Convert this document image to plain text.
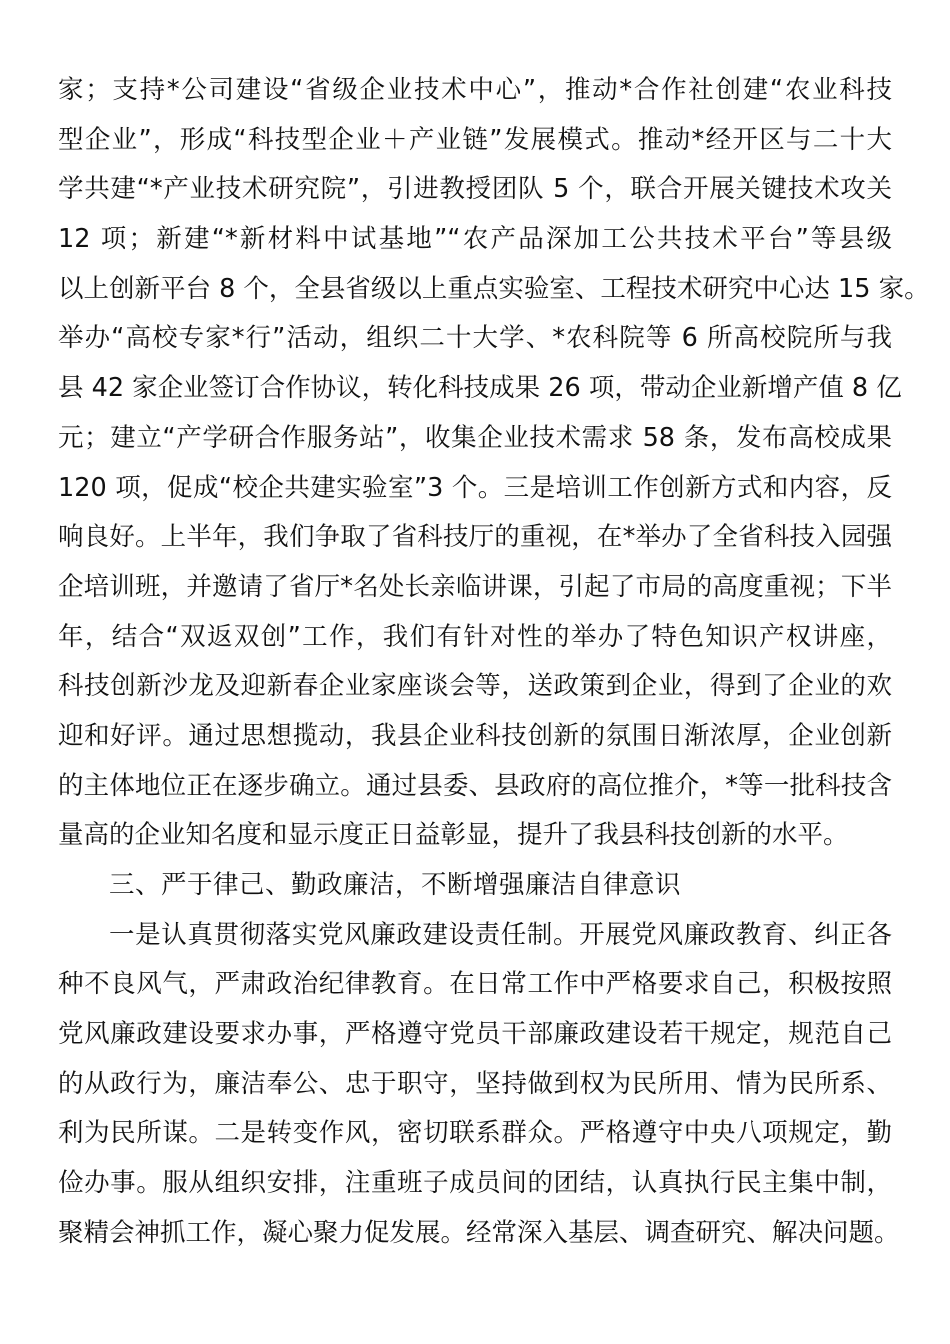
家；支持*公司建设“省级企业技术中心”，推动*合作社创建“农业科技
型企业”，形成“科技型企业＋产业链”发展模式。推动*经开区与二十大
学共建“*产业技术研究院”，引进教授团队 5 个，联合开展关键技术攻关
12 项；新建“*新材料中试基地”“农产品深加工公共技术平台”等县级
以上创新平台 8 个，全县省级以上重点实验室、工程技术研究中心达 15 家。
举办“高校专家*行”活动，组织二十大学、*农科院等 6 所高校院所与我
县 42 家企业签订合作协议，转化科技成果 26 项，带动企业新增产值 8 亿
元；建立“产学研合作服务站”，收集企业技术需求 58 条，发布高校成果
120 项，促成“校企共建实验室”3 个。三是培训工作创新方式和内容，反
响良好。上半年，我们争取了省科技厅的重视，在*举办了全省科技入园强
企培训班，并邀请了省厅*名处长亲临讲课，引起了市局的高度重视；下半
年，结合“双返双创”工作，我们有针对性的举办了特色知识产权讲座，
科技创新沙龙及迎新春企业家座谈会等，送政策到企业，得到了企业的欢
迎和好评。通过思想揽动，我县企业科技创新的氛围日渐浓厚，企业创新
的主体地位正在逐步确立。通过县委、县政府的高位推介，*等一批科技含
量高的企业知名度和显示度正日益彰显，提升了我县科技创新的水平。
三、严于律己、勤政廉洁，不断增强廉洁自律意识
一是认真贯彻落实党风廉政建设责任制。开展党风廉政教育、纠正各
种不良风气，严肃政治纪律教育。在日常工作中严格要求自己，积极按照
党风廉政建设要求办事，严格遵守党员干部廉政建设若干规定，规范自己
的从政行为，廉洁奉公、忠于职守，坚持做到权为民所用、情为民所系、
利为民所谋。二是转变作风，密切联系群众。严格遵守中央八项规定，勤
俭办事。服从组织安排，注重班子成员间的团结，认真执行民主集中制，
聚精会神抓工作，凝心聚力促发展。经常深入基层、调查研究、解决问题。
